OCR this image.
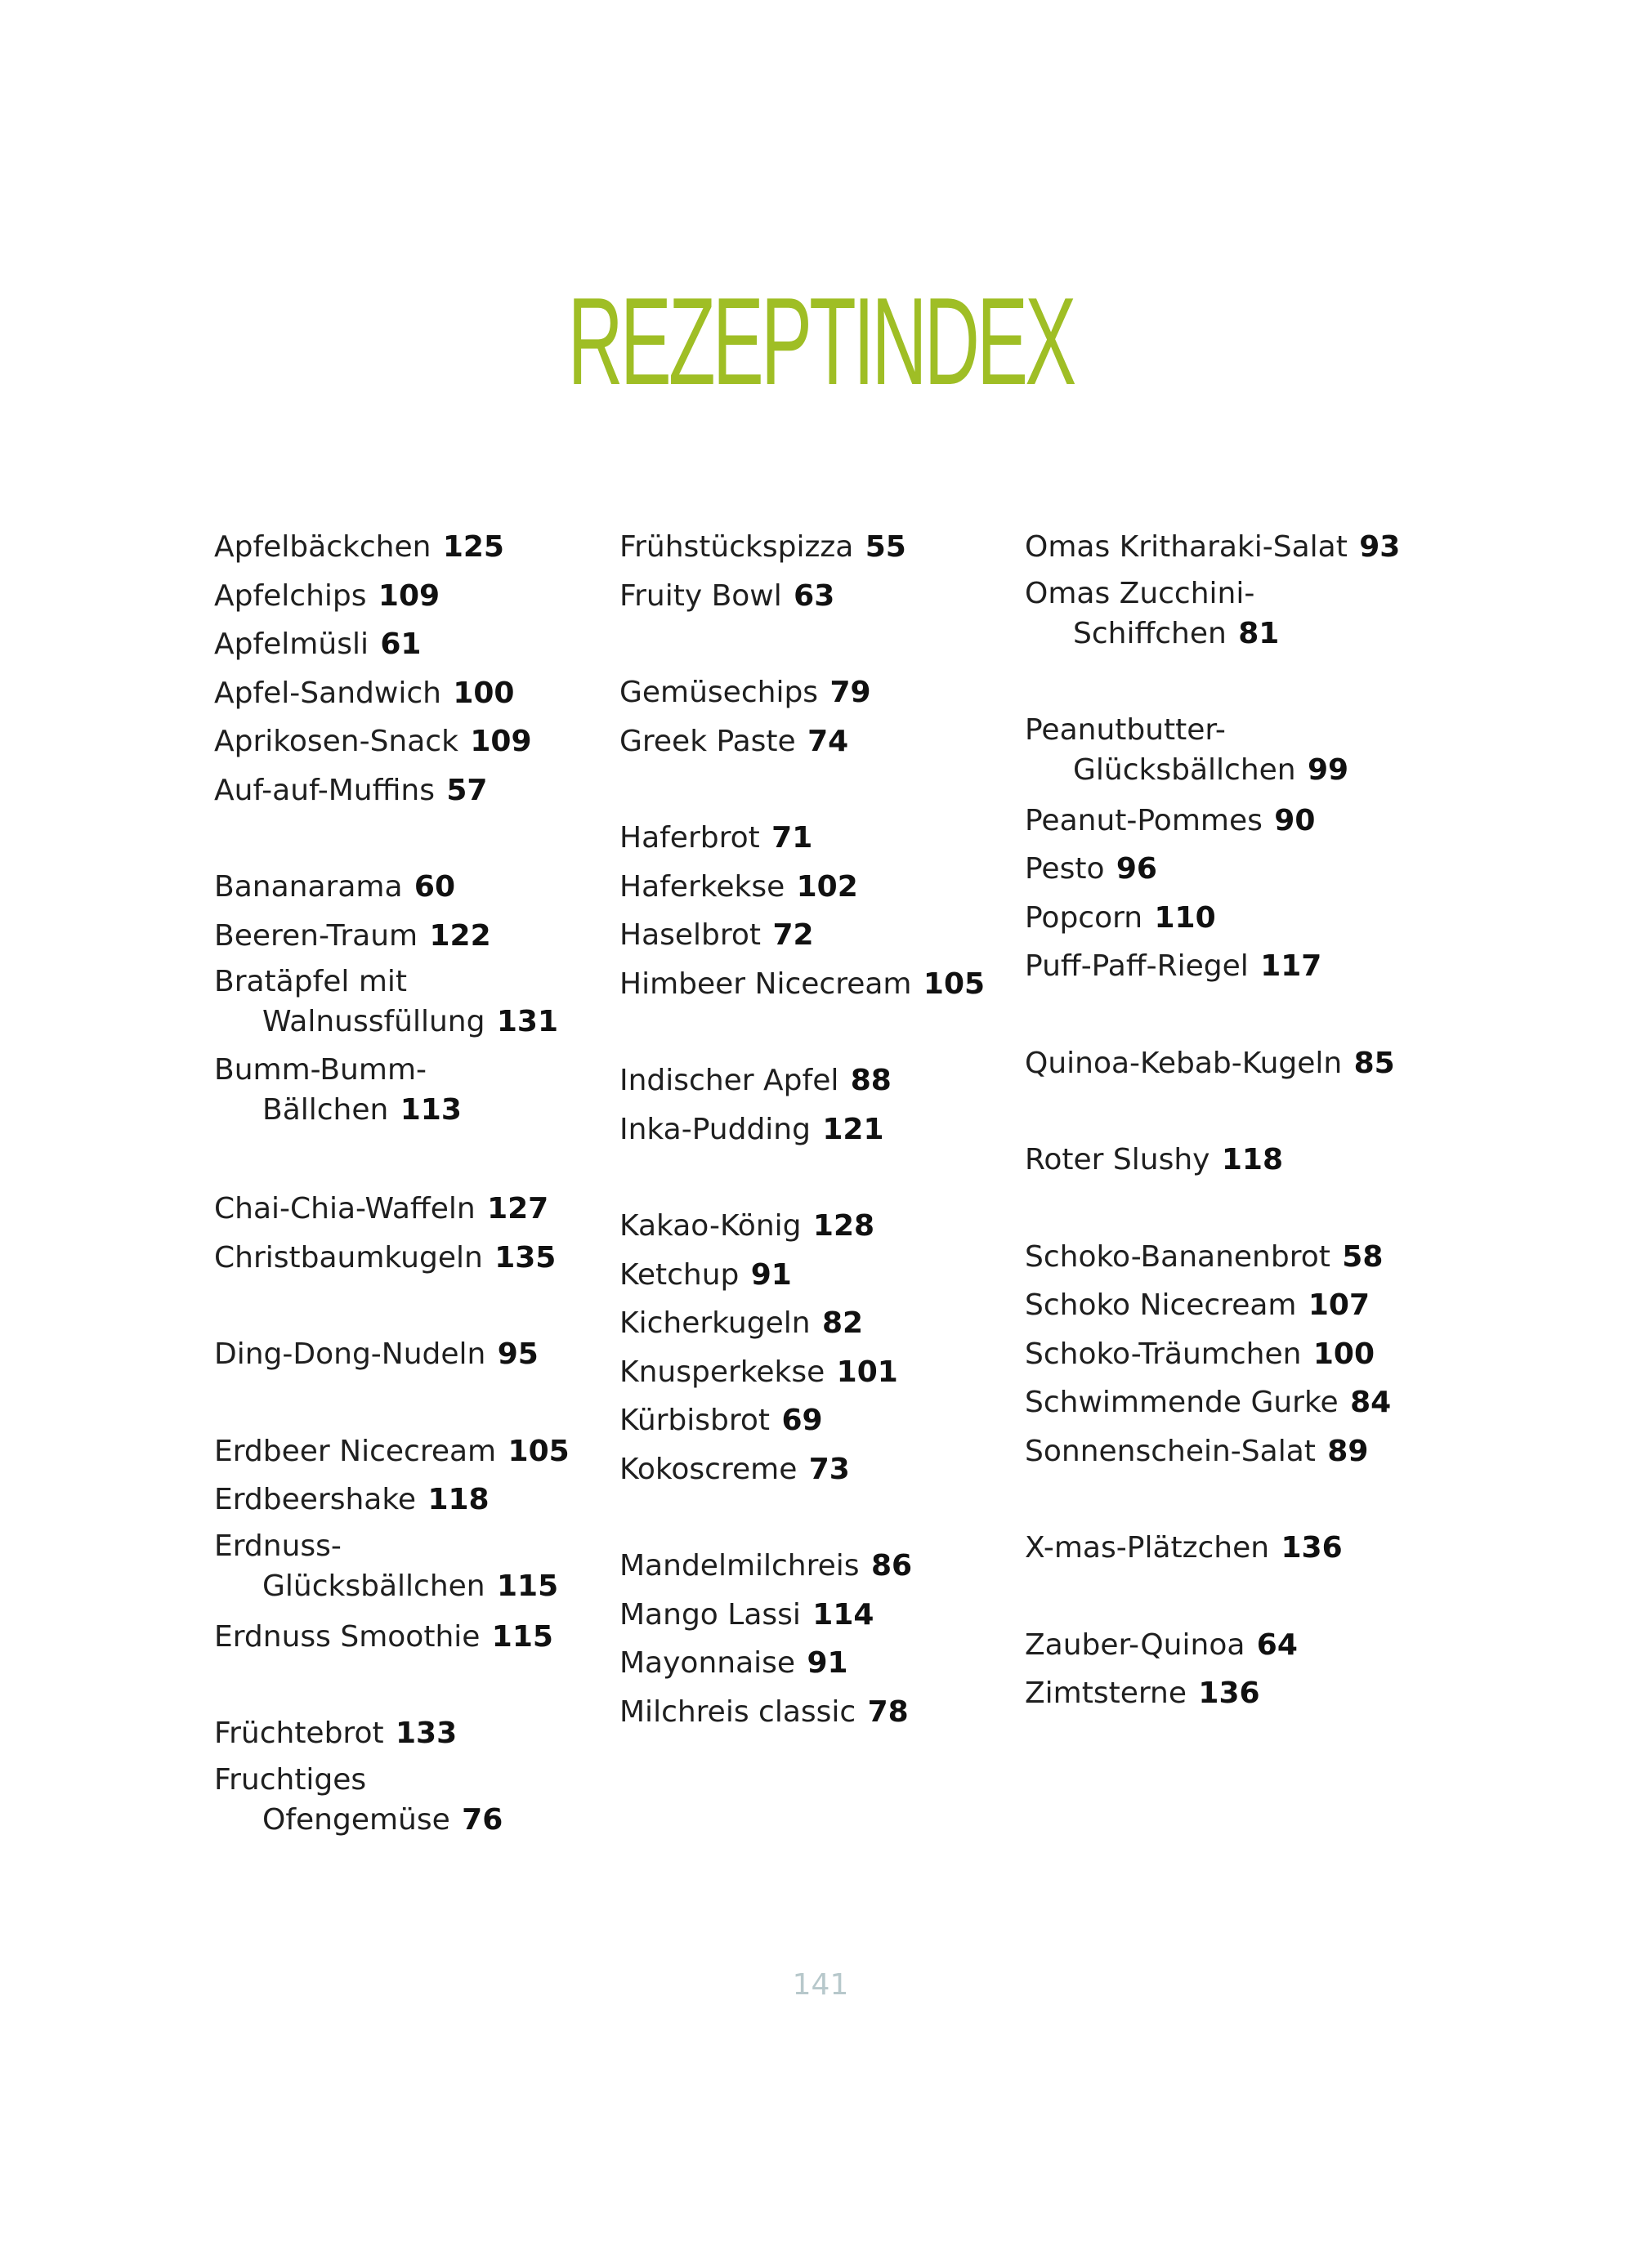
REZEPTINDEX
Apfelbäckchen 125
Apfelchips 109
Apfelmüsli 61
Apfel-Sandwich 100
Aprikosen-Snack 109
Auf-auf-Muffins 57
Bananarama 60
Beeren-Traum 122
Bratäpfel mit
Walnussfüllung 131
Bumm-Bumm-
Bällchen 113
Chai-Chia-Waffeln 127
Christbaumkugeln 135
Ding-Dong-Nudeln 95
Erdbeer Nicecream 105
Erdbeershake 118
Erdnuss-
Glücksbällchen 115
Erdnuss Smoothie 115
Früchtebrot 133
Fruchtiges
Ofengemüse 76
Frühstückspizza 55
Fruity Bowl 63
Gemüsechips 79
Greek Paste 74
Haferbrot 71
Haferkekse 102
Haselbrot 72
Himbeer Nicecream 105
Indischer Apfel 88
Inka-Pudding 121
Kakao-König 128
Ketchup 91
Kicherkugeln 82
Knusperkekse 101
Kürbisbrot 69
Kokoscreme 73
Mandelmilchreis 86
Mango Lassi 114
Mayonnaise 91
Milchreis classic 78
Omas Kritharaki-Salat 93
Omas Zucchini-
Schiffchen 81
Peanutbutter-
Glücksbällchen 99
Peanut-Pommes 90
Pesto 96
Popcorn 110
Puff-Paff-Riegel 117
Quinoa-Kebab-Kugeln 85
Roter Slushy 118
Schoko-Bananenbrot 58
Schoko Nicecream 107
Schoko-Träumchen 100
Schwimmende Gurke 84
Sonnenschein-Salat 89
X-mas-Plätzchen 136
Zauber-Quinoa 64
Zimtsterne 136
141
